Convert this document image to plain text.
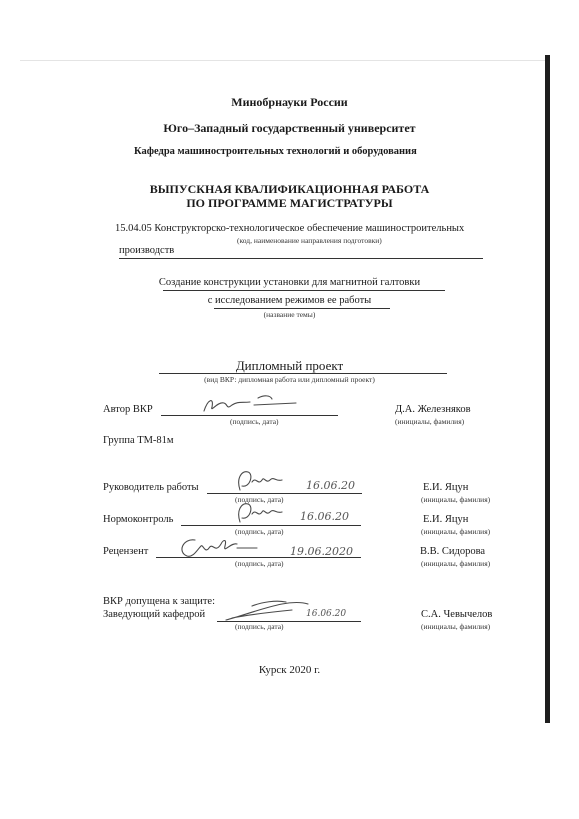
Минобрнауки России
Юго–Западный государственный университет
Кафедра машиностроительных технологий и оборудования
ВЫПУСКНАЯ КВАЛИФИКАЦИОННАЯ РАБОТА
ПО ПРОГРАММЕ МАГИСТРАТУРЫ
15.04.05 Конструкторско-технологическое обеспечение машиностроительных
(код, наименование направления подготовки)
производств
Создание конструкции установки для магнитной галтовки
с исследованием режимов ее работы
(название темы)
Дипломный проект
(вид ВКР: дипломная работа или дипломный проект)
Автор ВКР
(подпись, дата)
Д.А. Железняков
(инициалы, фамилия)
Группа ТМ-81м
Руководитель работы	16.06.20
(подпись, дата)
Е.И. Яцун
(инициалы, фамилия)
Нормоконтроль	16.06.20
(подпись, дата)
Е.И. Яцун
(инициалы, фамилия)
Рецензент	19.06.2020
(подпись, дата)
В.В. Сидорова
(инициалы, фамилия)
ВКР допущена к защите:
Заведующий кафедрой	16.06.20
(подпись, дата)
С.А. Чевычелов
(инициалы, фамилия)
Курск 2020 г.
